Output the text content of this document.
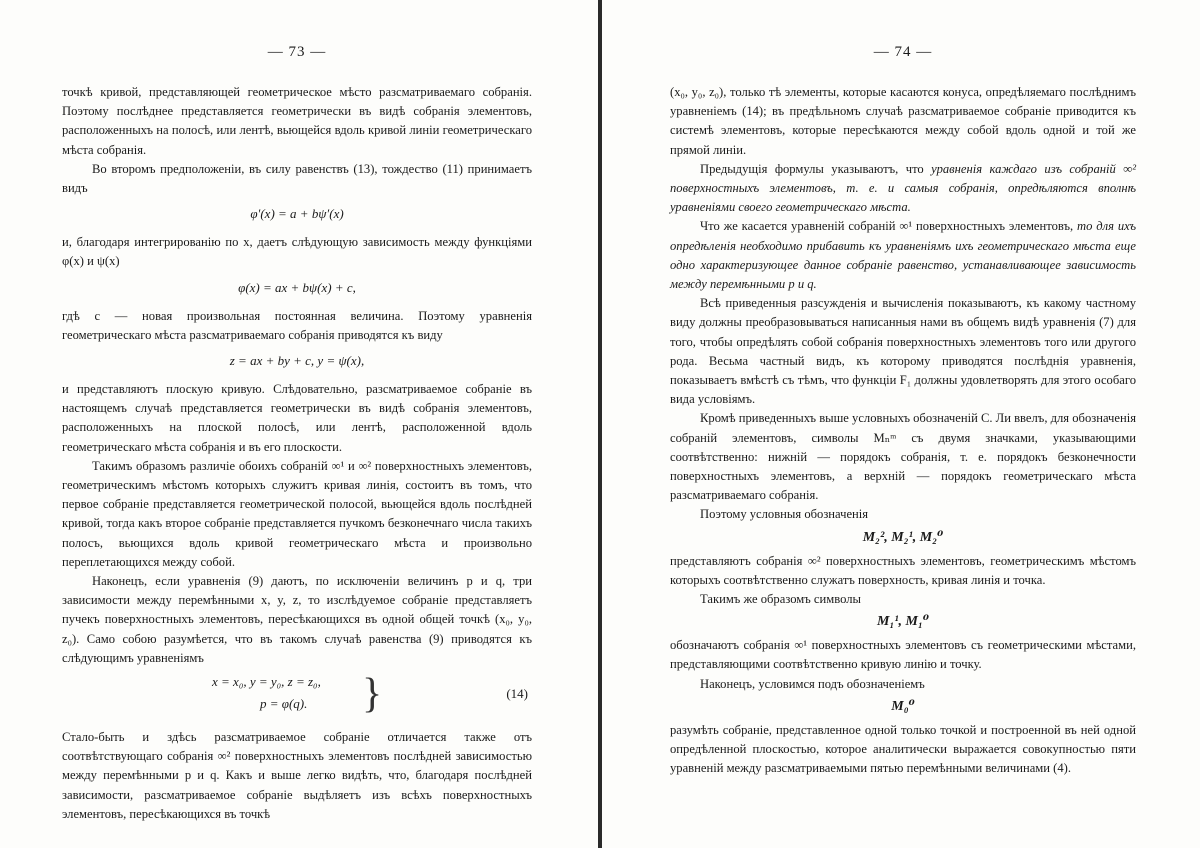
— 73 —

точкѣ кривой, представляющей геометрическое мѣсто разсматриваемаго собранія. Поэтому послѣднее представляется геометрически въ видѣ собранія элементовъ, расположенныхъ на полосѣ, или лентѣ, вьющейся вдоль кривой линіи геометрическаго мѣста собранія.

Во второмъ предположеніи, въ силу равенствъ (13), тождество (11) принимаетъ видъ

φ′(x) = a + bψ′(x)

и, благодаря интегрированію по x, даетъ слѣдующую зависимость между функціями φ(x) и ψ(x)

φ(x) = ax + bψ(x) + c,

гдѣ c — новая произвольная постоянная величина. Поэтому уравненія геометрическаго мѣста разсматриваемаго собранія приводятся къ виду

z = ax + by + c, y = ψ(x),

и представляютъ плоскую кривую. Слѣдовательно, разсматриваемое собраніе въ настоящемъ случаѣ представляется геометрически въ видѣ собранія элементовъ, расположенныхъ на плоской полосѣ, или лентѣ, расположенной вдоль геометрическаго мѣста собранія и въ его плоскости.

Такимъ образомъ различіе обоихъ собраній ∞¹ и ∞² поверхностныхъ элементовъ, геометрическимъ мѣстомъ которыхъ служитъ кривая линія, состоитъ въ томъ, что первое собраніе представляется геометрической полосой, вьющейся вдоль послѣдней кривой, тогда какъ второе собраніе представляется пучкомъ безконечнаго числа такихъ полосъ, вьющихся вдоль кривой геометрическаго мѣста и произвольно переплетающихся между собой.

Наконецъ, если уравненія (9) даютъ, по исключеніи величинъ p и q, три зависимости между перемѣнными x, y, z, то изслѣдуемое собраніе представляетъ пучекъ поверхностныхъ элементовъ, пересѣкающихся въ одной общей точкѣ (x₀, y₀, z₀). Само собою разумѣется, что въ такомъ случаѣ равенства (9) приводятся къ слѣдующимъ уравненіямъ

x = x₀, y = y₀, z = z₀,
p = φ(q). }	(14)

Стало-быть и здѣсь разсматриваемое собраніе отличается также отъ соотвѣтствующаго собранія ∞² поверхностныхъ элементовъ послѣдней зависимостью между перемѣнными p и q. Какъ и выше легко видѣть, что, благодаря послѣдней зависимости, разсматриваемое собраніе выдѣляетъ изъ всѣхъ поверхностныхъ элементовъ, пересѣкающихся въ точкѣ

— 74 —

(x₀, y₀, z₀), только тѣ элементы, которые касаются конуса, опредѣляемаго послѣднимъ уравненіемъ (14); въ предѣльномъ случаѣ разсматриваемое собраніе приводится къ системѣ элементовъ, которые пересѣкаются между собой вдоль одной и той же прямой линіи.

Предыдущія формулы указываютъ, что уравненія каждаго изъ собраній ∞² поверхностныхъ элементовъ, т. е. и самыя собранія, опредѣляются вполнѣ уравненіями своего геометрическаго мѣста.

Что же касается уравненій собраній ∞¹ поверхностныхъ элементовъ, то для ихъ опредѣленія необходимо прибавить къ уравненіямъ ихъ геометрическаго мѣста еще одно характеризующее данное собраніе равенство, устанавливающее зависимость между перемѣнными p и q.

Всѣ приведенныя разсужденія и вычисленія показываютъ, къ какому частному виду должны преобразовываться написанныя нами въ общемъ видѣ уравненія (7) для того, чтобы опредѣлять собой собранія поверхностныхъ элементовъ того или другого рода. Весьма частный видъ, къ которому приводятся послѣднія уравненія, показываетъ вмѣстѣ съ тѣмъ, что функціи F₁ должны удовлетворять для этого особаго вида условіямъ.

Кромѣ приведенныхъ выше условныхъ обозначеній С. Ли ввелъ, для обозначенія собраній элементовъ, символы Mₙᵐ съ двумя значками, указывающими соотвѣтственно: нижній — порядокъ собранія, т. е. порядокъ безконечности поверхностныхъ элементовъ, а верхній — порядокъ геометрическаго мѣста разсматриваемаго собранія.

Поэтому условныя обозначенія

M₂², M₂¹, M₂⁰

представляютъ собранія ∞² поверхностныхъ элементовъ, геометрическимъ мѣстомъ которыхъ соотвѣтственно служатъ поверхность, кривая линія и точка.

Такимъ же образомъ символы

M₁¹, M₁⁰

обозначаютъ собранія ∞¹ поверхностныхъ элементовъ съ геометрическими мѣстами, представляющими соотвѣтственно кривую линію и точку.

Наконецъ, условимся подъ обозначеніемъ

M₀⁰

разумѣть собраніе, представленное одной только точкой и построенной въ ней одной опредѣленной плоскостью, которое аналитически выражается совокупностью пяти уравненій между разсматриваемыми пятью перемѣнными величинами (4).
